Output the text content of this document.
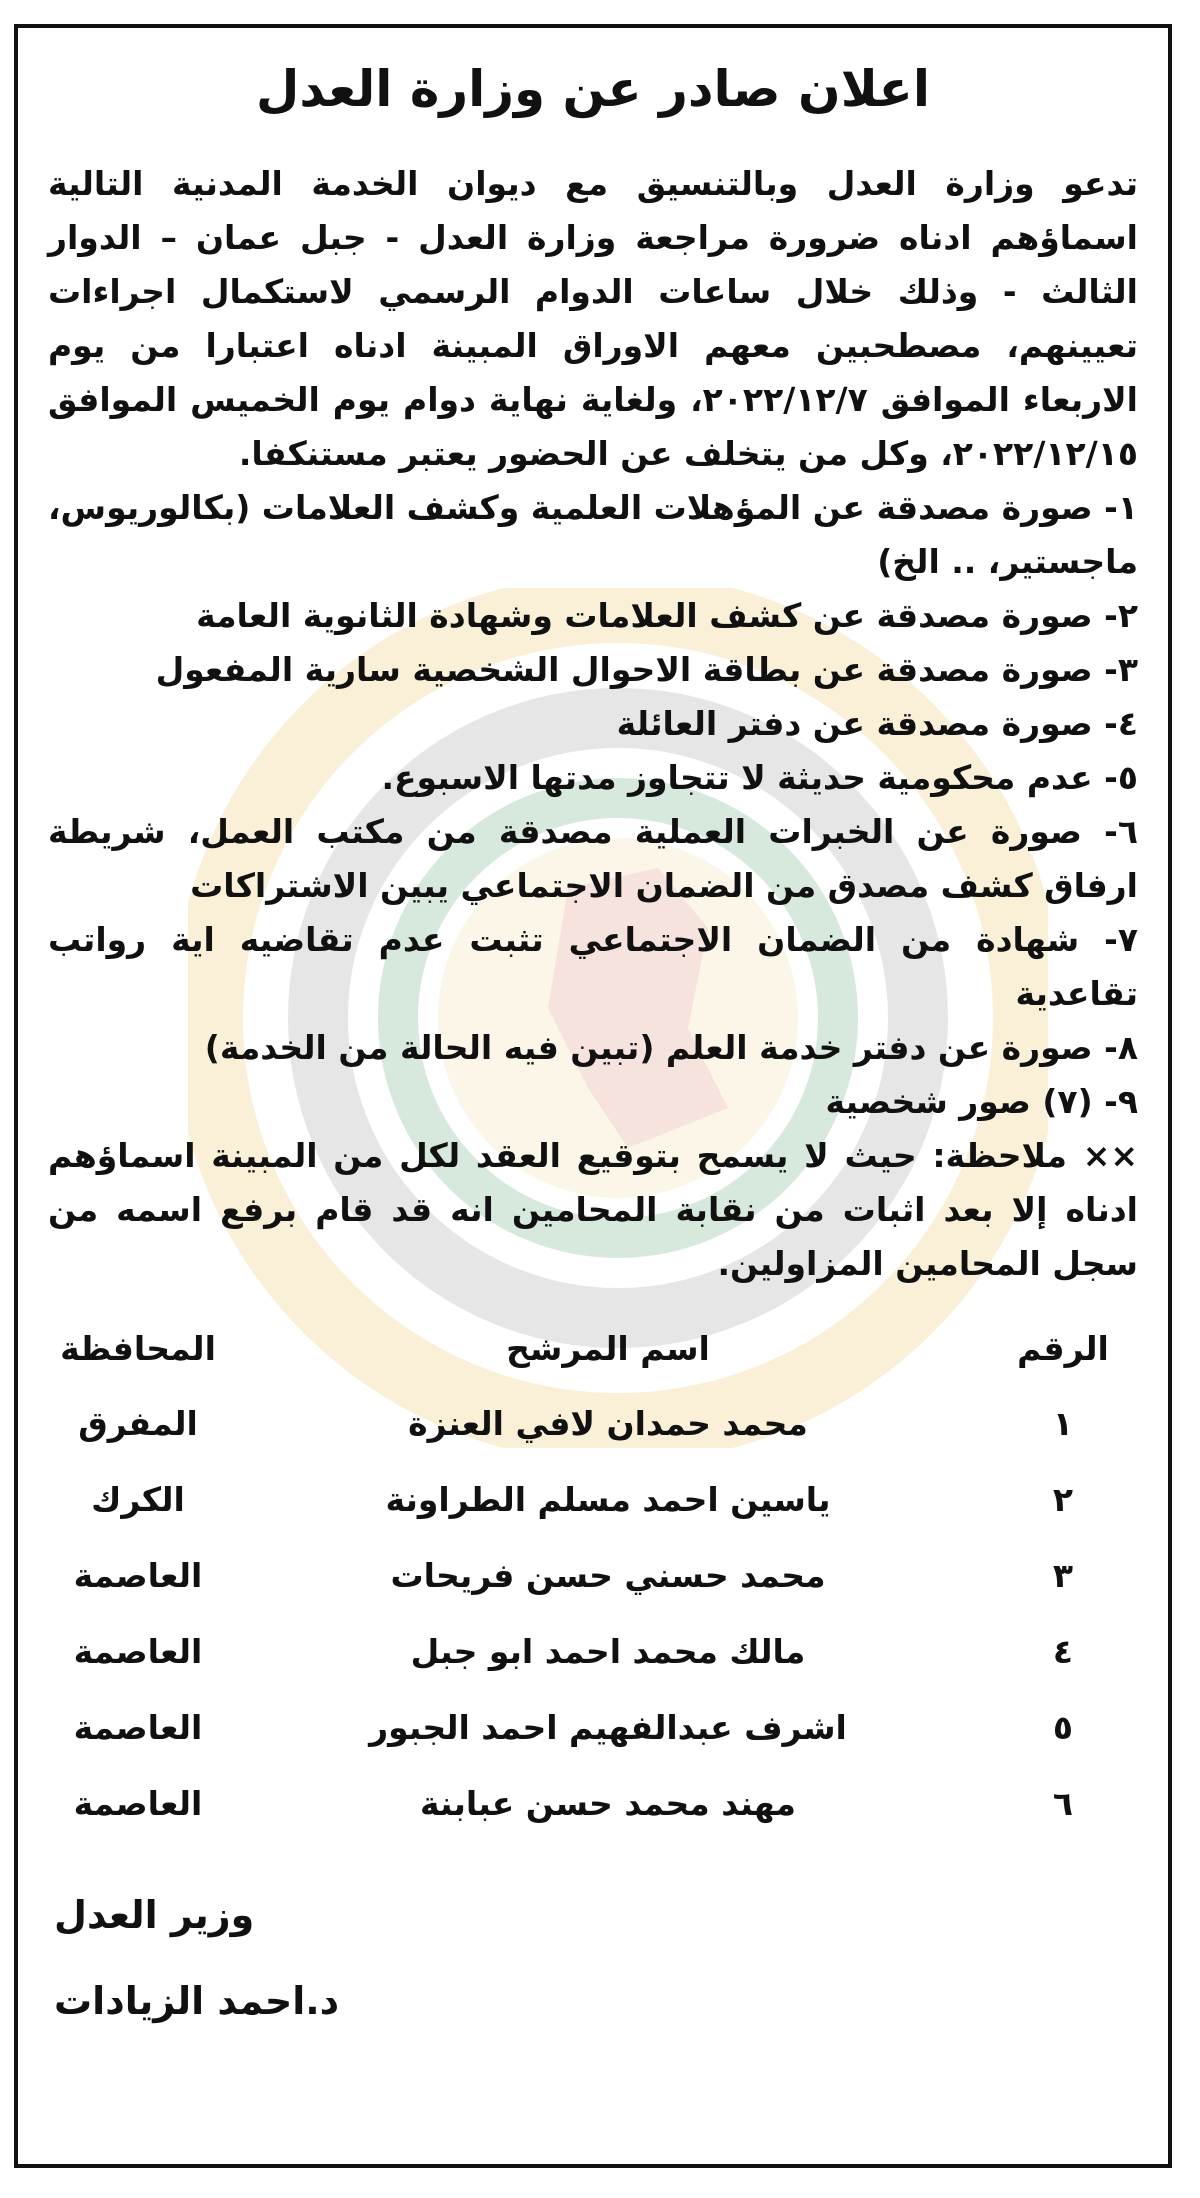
اعلان صادر عن وزارة العدل

تدعو وزارة العدل وبالتنسيق مع ديوان الخدمة المدنية التالية اسماؤهم ادناه ضرورة مراجعة وزارة العدل - جبل عمان – الدوار الثالث - وذلك خلال ساعات الدوام الرسمي لاستكمال اجراءات تعيينهم، مصطحبين معهم الاوراق المبينة ادناه اعتبارا من يوم الاربعاء الموافق ٢٠٢٢/١٢/٧، ولغاية نهاية دوام يوم الخميس الموافق ٢٠٢٢/١٢/١٥، وكل من يتخلف عن الحضور يعتبر مستنكفا.

١- صورة مصدقة عن المؤهلات العلمية وكشف العلامات (بكالوريوس، ماجستير، .. الخ)
٢- صورة مصدقة عن كشف العلامات وشهادة الثانوية العامة
٣- صورة مصدقة عن بطاقة الاحوال الشخصية سارية المفعول
٤- صورة مصدقة عن دفتر العائلة
٥- عدم محكومية حديثة لا تتجاوز مدتها الاسبوع.
٦- صورة عن الخبرات العملية مصدقة من مكتب العمل، شريطة ارفاق كشف مصدق من الضمان الاجتماعي يبين الاشتراكات
٧- شهادة من الضمان الاجتماعي تثبت عدم تقاضيه اية رواتب تقاعدية
٨- صورة عن دفتر خدمة العلم (تبين فيه الحالة من الخدمة)
٩- (٧) صور شخصية

×× ملاحظة: حيث لا يسمح بتوقيع العقد لكل من المبينة اسماؤهم ادناه إلا بعد اثبات من نقابة المحامين انه قد قام برفع اسمه من سجل المحامين المزاولين.

الرقم	اسم المرشح	المحافظة
١	محمد حمدان لافي العنزة	المفرق
٢	ياسين احمد مسلم الطراونة	الكرك
٣	محمد حسني حسن فريحات	العاصمة
٤	مالك محمد احمد ابو جبل	العاصمة
٥	اشرف عبدالفهيم احمد الجبور	العاصمة
٦	مهند محمد حسن عبابنة	العاصمة
وزير العدل
د.احمد الزيادات
